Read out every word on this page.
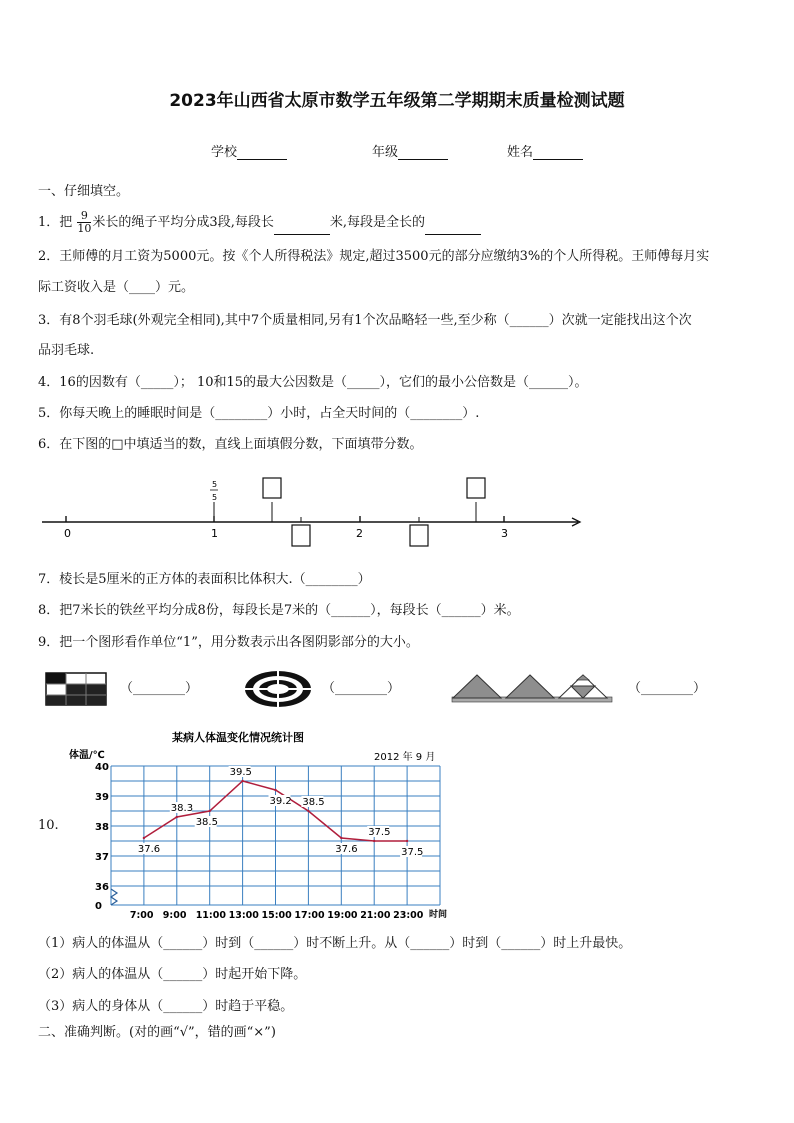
2023年山西省太原市数学五年级第二学期期末质量检测试题
学校	年级	姓名
一、仔细填空。
1．把 $\frac{9}{10}$ 米长的绳子平均分成3段,每段长	米,每段是全长的
2．王师傅的月工资为5000元。按《个人所得税法》规定,超过3500元的部分应缴纳3%的个人所得税。王师傅每月实
际工资收入是（____）元。
3．有8个羽毛球(外观完全相同),其中7个质量相同,另有1个次品略轻一些,至少称（______）次就一定能找出这个次
品羽毛球.
4．16的因数有（_____）； 10和15的最大公因数是（_____），它们的最小公倍数是（______）。
5．你每天晚上的睡眠时间是（________）小时，占全天时间的（________）.
6．在下图的□中填适当的数，直线上面填假分数，下面填带分数。
0	1	2	3
5
5
7．棱长是5厘米的正方体的表面积比体积大.（________）
8．把7米长的铁丝平均分成8份，每段长是7米的（______），每段长（______）米。
9．把一个图形看作单位“1”，用分数表示出各图阴影部分的大小。
（________）	（________）	（________）
10.
某病人体温变化情况统计图
体温/℃	2012 年 9 月
40
39
38
37
36
0
7:00 9:00 11:00 13:00 15:00 17:00 19:00 21:00 23:00
37.6
38.3
38.5
39.5
39.2 38.5
37.6
37.5
37.5
时间
（1）病人的体温从（______）时到（______）时不断上升。从（______）时到（______）时上升最快。
（2）病人的体温从（______）时起开始下降。
（3）病人的身体从（______）时趋于平稳。
二、准确判断。(对的画“√”，错的画“×”)
